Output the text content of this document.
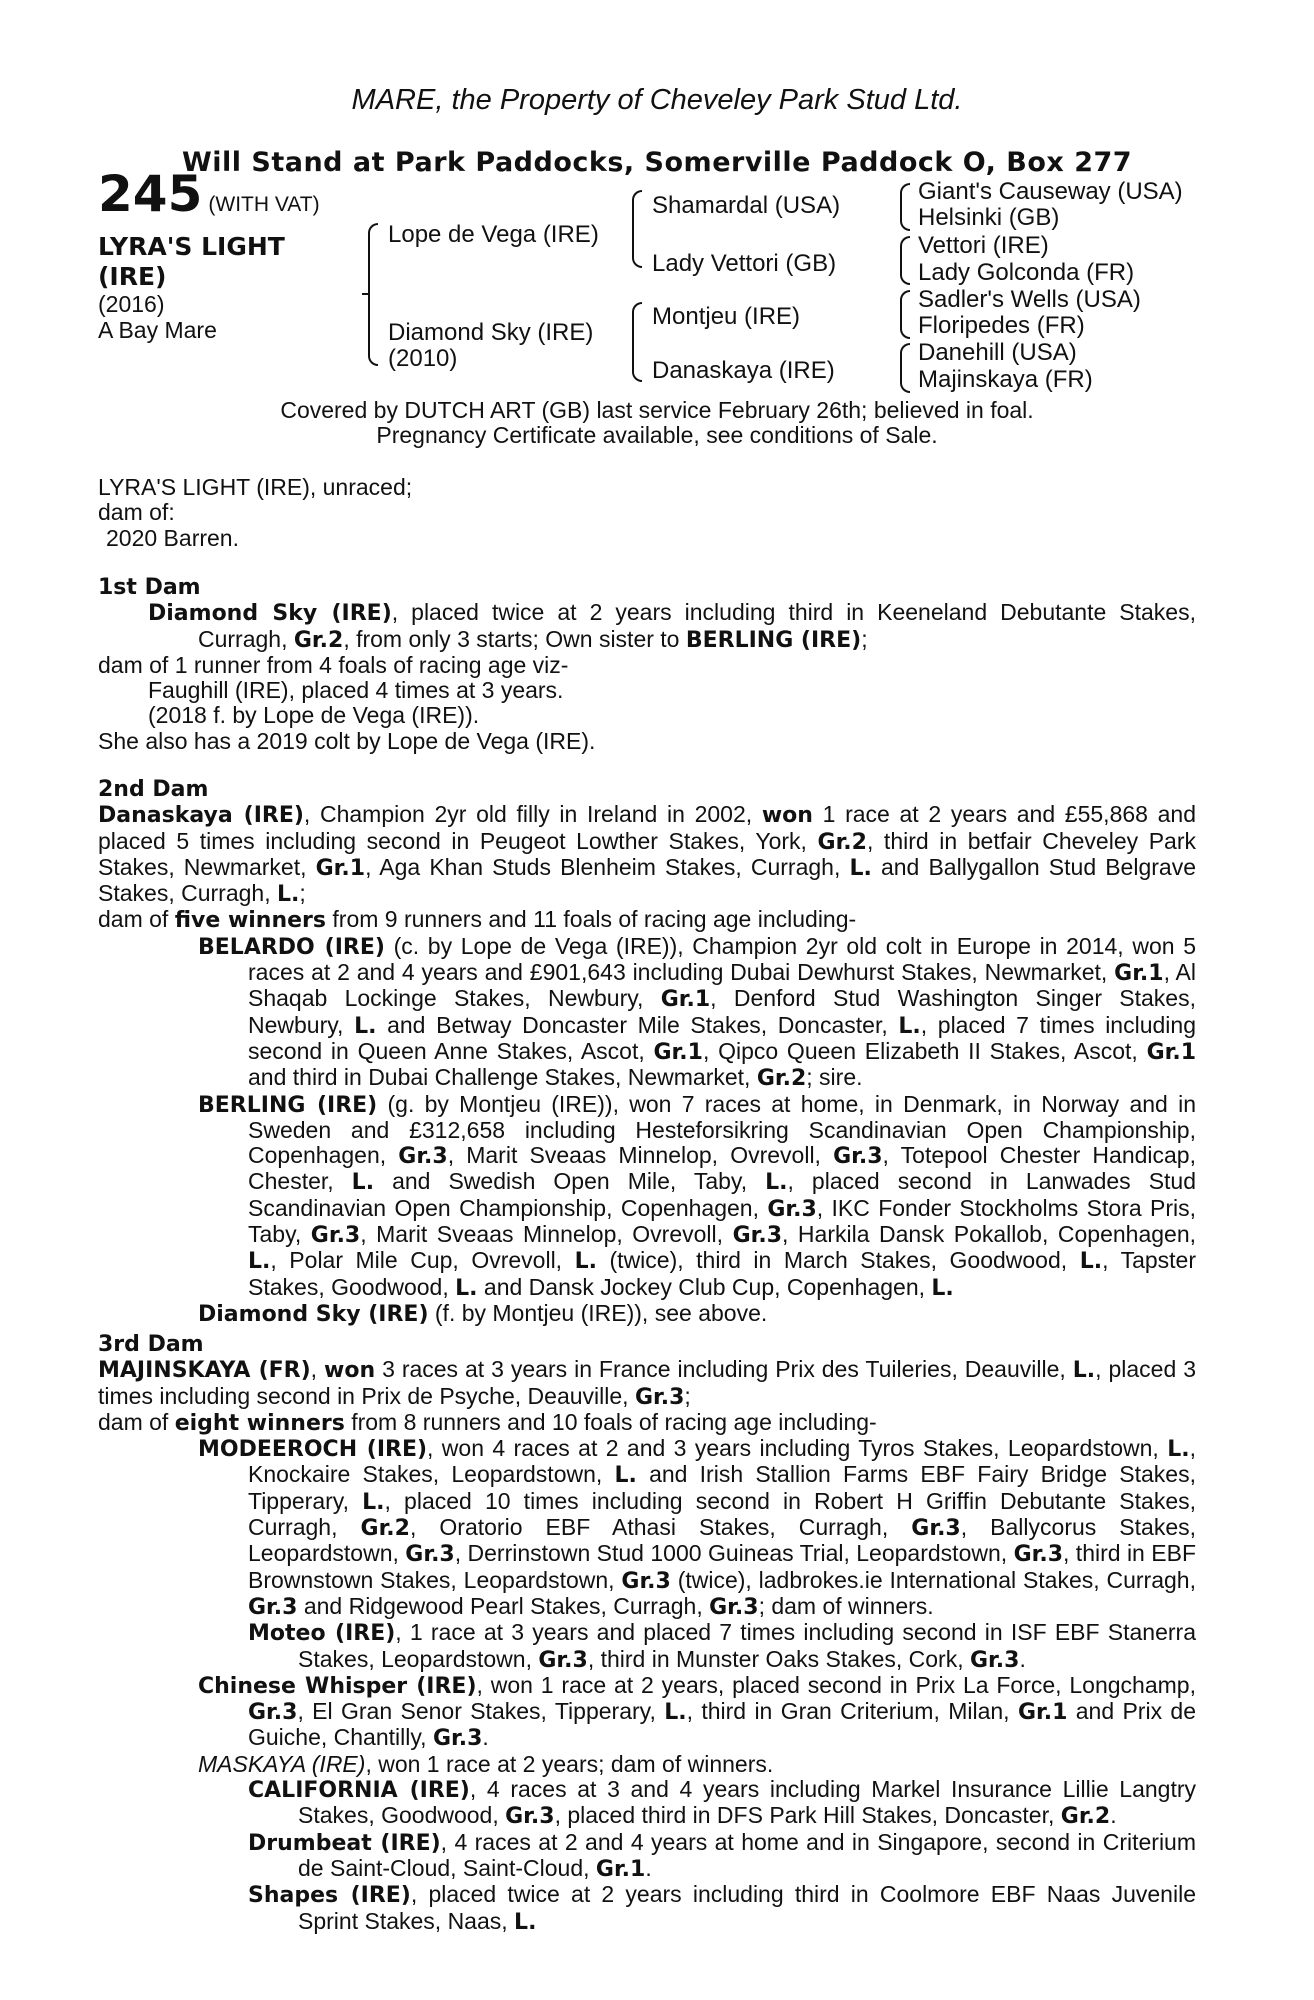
MARE, the Property of Cheveley Park Stud Ltd.
Will Stand at Park Paddocks, Somerville Paddock O, Box 277
245 (WITH VAT)
LYRA'S LIGHT (IRE)
(2016)
A Bay Mare
Lope de Vega (IRE)
Diamond Sky (IRE)
(2010)
Shamardal (USA)
Lady Vettori (GB)
Montjeu (IRE)
Danaskaya (IRE)
Giant's Causeway (USA)
Helsinki (GB)
Vettori (IRE)
Lady Golconda (FR)
Sadler's Wells (USA)
Floripedes (FR)
Danehill (USA)
Majinskaya (FR)
Covered by DUTCH ART (GB) last service February 26th; believed in foal.
Pregnancy Certificate available, see conditions of Sale.

LYRA'S LIGHT (IRE), unraced;

dam of:

2020 Barren.

1st Dam

Diamond Sky (IRE), placed twice at 2 years including third in Keeneland Debutante Stakes, Curragh, Gr.2, from only 3 starts; Own sister to BERLING (IRE);

dam of 1 runner from 4 foals of racing age viz-

Faughill (IRE), placed 4 times at 3 years.

(2018 f. by Lope de Vega (IRE)).

She also has a 2019 colt by Lope de Vega (IRE).

2nd Dam

Danaskaya (IRE), Champion 2yr old filly in Ireland in 2002, won 1 race at 2 years and £55,868 and placed 5 times including second in Peugeot Lowther Stakes, York, Gr.2, third in betfair Cheveley Park Stakes, Newmarket, Gr.1, Aga Khan Studs Blenheim Stakes, Curragh, L. and Ballygallon Stud Belgrave Stakes, Curragh, L.;

dam of five winners from 9 runners and 11 foals of racing age including-

BELARDO (IRE) (c. by Lope de Vega (IRE)), Champion 2yr old colt in Europe in 2014, won 5 races at 2 and 4 years and £901,643 including Dubai Dewhurst Stakes, Newmarket, Gr.1, Al Shaqab Lockinge Stakes, Newbury, Gr.1, Denford Stud Washington Singer Stakes, Newbury, L. and Betway Doncaster Mile Stakes, Doncaster, L., placed 7 times including second in Queen Anne Stakes, Ascot, Gr.1, Qipco Queen Elizabeth II Stakes, Ascot, Gr.1 and third in Dubai Challenge Stakes, Newmarket, Gr.2; sire.

BERLING (IRE) (g. by Montjeu (IRE)), won 7 races at home, in Denmark, in Norway and in Sweden and £312,658 including Hesteforsikring Scandinavian Open Championship, Copenhagen, Gr.3, Marit Sveaas Minnelop, Ovrevoll, Gr.3, Totepool Chester Handicap, Chester, L. and Swedish Open Mile, Taby, L., placed second in Lanwades Stud Scandinavian Open Championship, Copenhagen, Gr.3, IKC Fonder Stockholms Stora Pris, Taby, Gr.3, Marit Sveaas Minnelop, Ovrevoll, Gr.3, Harkila Dansk Pokallob, Copenhagen, L., Polar Mile Cup, Ovrevoll, L. (twice), third in March Stakes, Goodwood, L., Tapster Stakes, Goodwood, L. and Dansk Jockey Club Cup, Copenhagen, L.

Diamond Sky (IRE) (f. by Montjeu (IRE)), see above.

3rd Dam

MAJINSKAYA (FR), won 3 races at 3 years in France including Prix des Tuileries, Deauville, L., placed 3 times including second in Prix de Psyche, Deauville, Gr.3;

dam of eight winners from 8 runners and 10 foals of racing age including-

MODEEROCH (IRE), won 4 races at 2 and 3 years including Tyros Stakes, Leopardstown, L., Knockaire Stakes, Leopardstown, L. and Irish Stallion Farms EBF Fairy Bridge Stakes, Tipperary, L., placed 10 times including second in Robert H Griffin Debutante Stakes, Curragh, Gr.2, Oratorio EBF Athasi Stakes, Curragh, Gr.3, Ballycorus Stakes, Leopardstown, Gr.3, Derrinstown Stud 1000 Guineas Trial, Leopardstown, Gr.3, third in EBF Brownstown Stakes, Leopardstown, Gr.3 (twice), ladbrokes.ie International Stakes, Curragh, Gr.3 and Ridgewood Pearl Stakes, Curragh, Gr.3; dam of winners.

Moteo (IRE), 1 race at 3 years and placed 7 times including second in ISF EBF Stanerra Stakes, Leopardstown, Gr.3, third in Munster Oaks Stakes, Cork, Gr.3.

Chinese Whisper (IRE), won 1 race at 2 years, placed second in Prix La Force, Longchamp, Gr.3, El Gran Senor Stakes, Tipperary, L., third in Gran Criterium, Milan, Gr.1 and Prix de Guiche, Chantilly, Gr.3.

MASKAYA (IRE), won 1 race at 2 years; dam of winners.

CALIFORNIA (IRE), 4 races at 3 and 4 years including Markel Insurance Lillie Langtry Stakes, Goodwood, Gr.3, placed third in DFS Park Hill Stakes, Doncaster, Gr.2.

Drumbeat (IRE), 4 races at 2 and 4 years at home and in Singapore, second in Criterium de Saint-Cloud, Saint-Cloud, Gr.1.

Shapes (IRE), placed twice at 2 years including third in Coolmore EBF Naas Juvenile Sprint Stakes, Naas, L.
